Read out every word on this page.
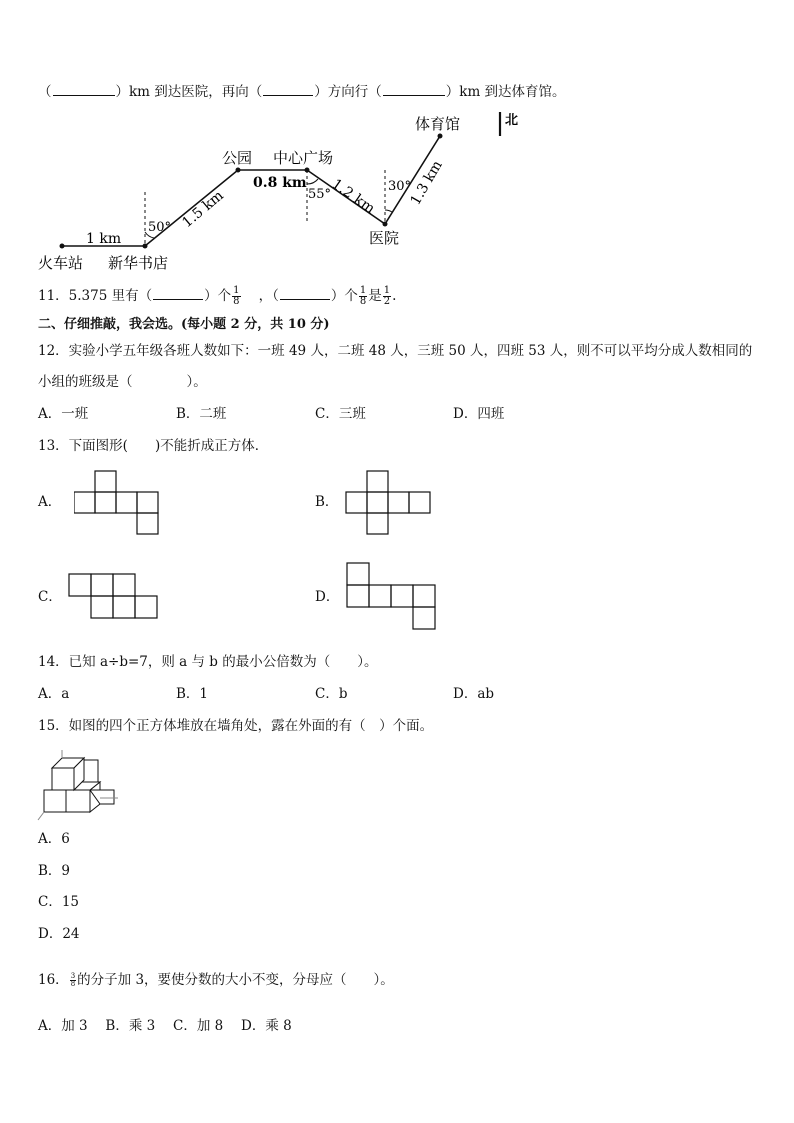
（	）km 到达医院，再向（	）方向行（	）km 到达体育馆。
北
火车站 新华书店
公园 中心广场
体育馆
医院
1 km
1.5 km
0.8 km 1.2 km 1.3 km
50°
55°
30°
11．5.375 里有（	）个 $\frac{1}{8}$ ，（	）个 $\frac{1}{8}$ 是 $\frac{1}{2}$ .
二、仔细推敲，我会选。(每小题 2 分，共 10 分)
12．实验小学五年级各班人数如下：一班 49 人，二班 48 人，三班 50 人，四班 53 人，则不可以平均分成人数相同的
小组的班级是（　　　　）。
A．一班	B．二班	C．三班	D．四班
13．下面图形(　　)不能折成正方体．
A．	B．
C．	D．
14．已知 a÷b=7，则 a 与 b 的最小公倍数为（　　）。
A．a	B．1	C．b	D．ab
15．如图的四个正方体堆放在墙角处，露在外面的有（　）个面。
A．6
B．9
C．15
D．24
16． $\frac{3}{8}$ 的分子加 3，要使分数的大小不变，分母应（　　）。
A．加 3　 B．乘 3　 C．加 8　 D．乘 8
